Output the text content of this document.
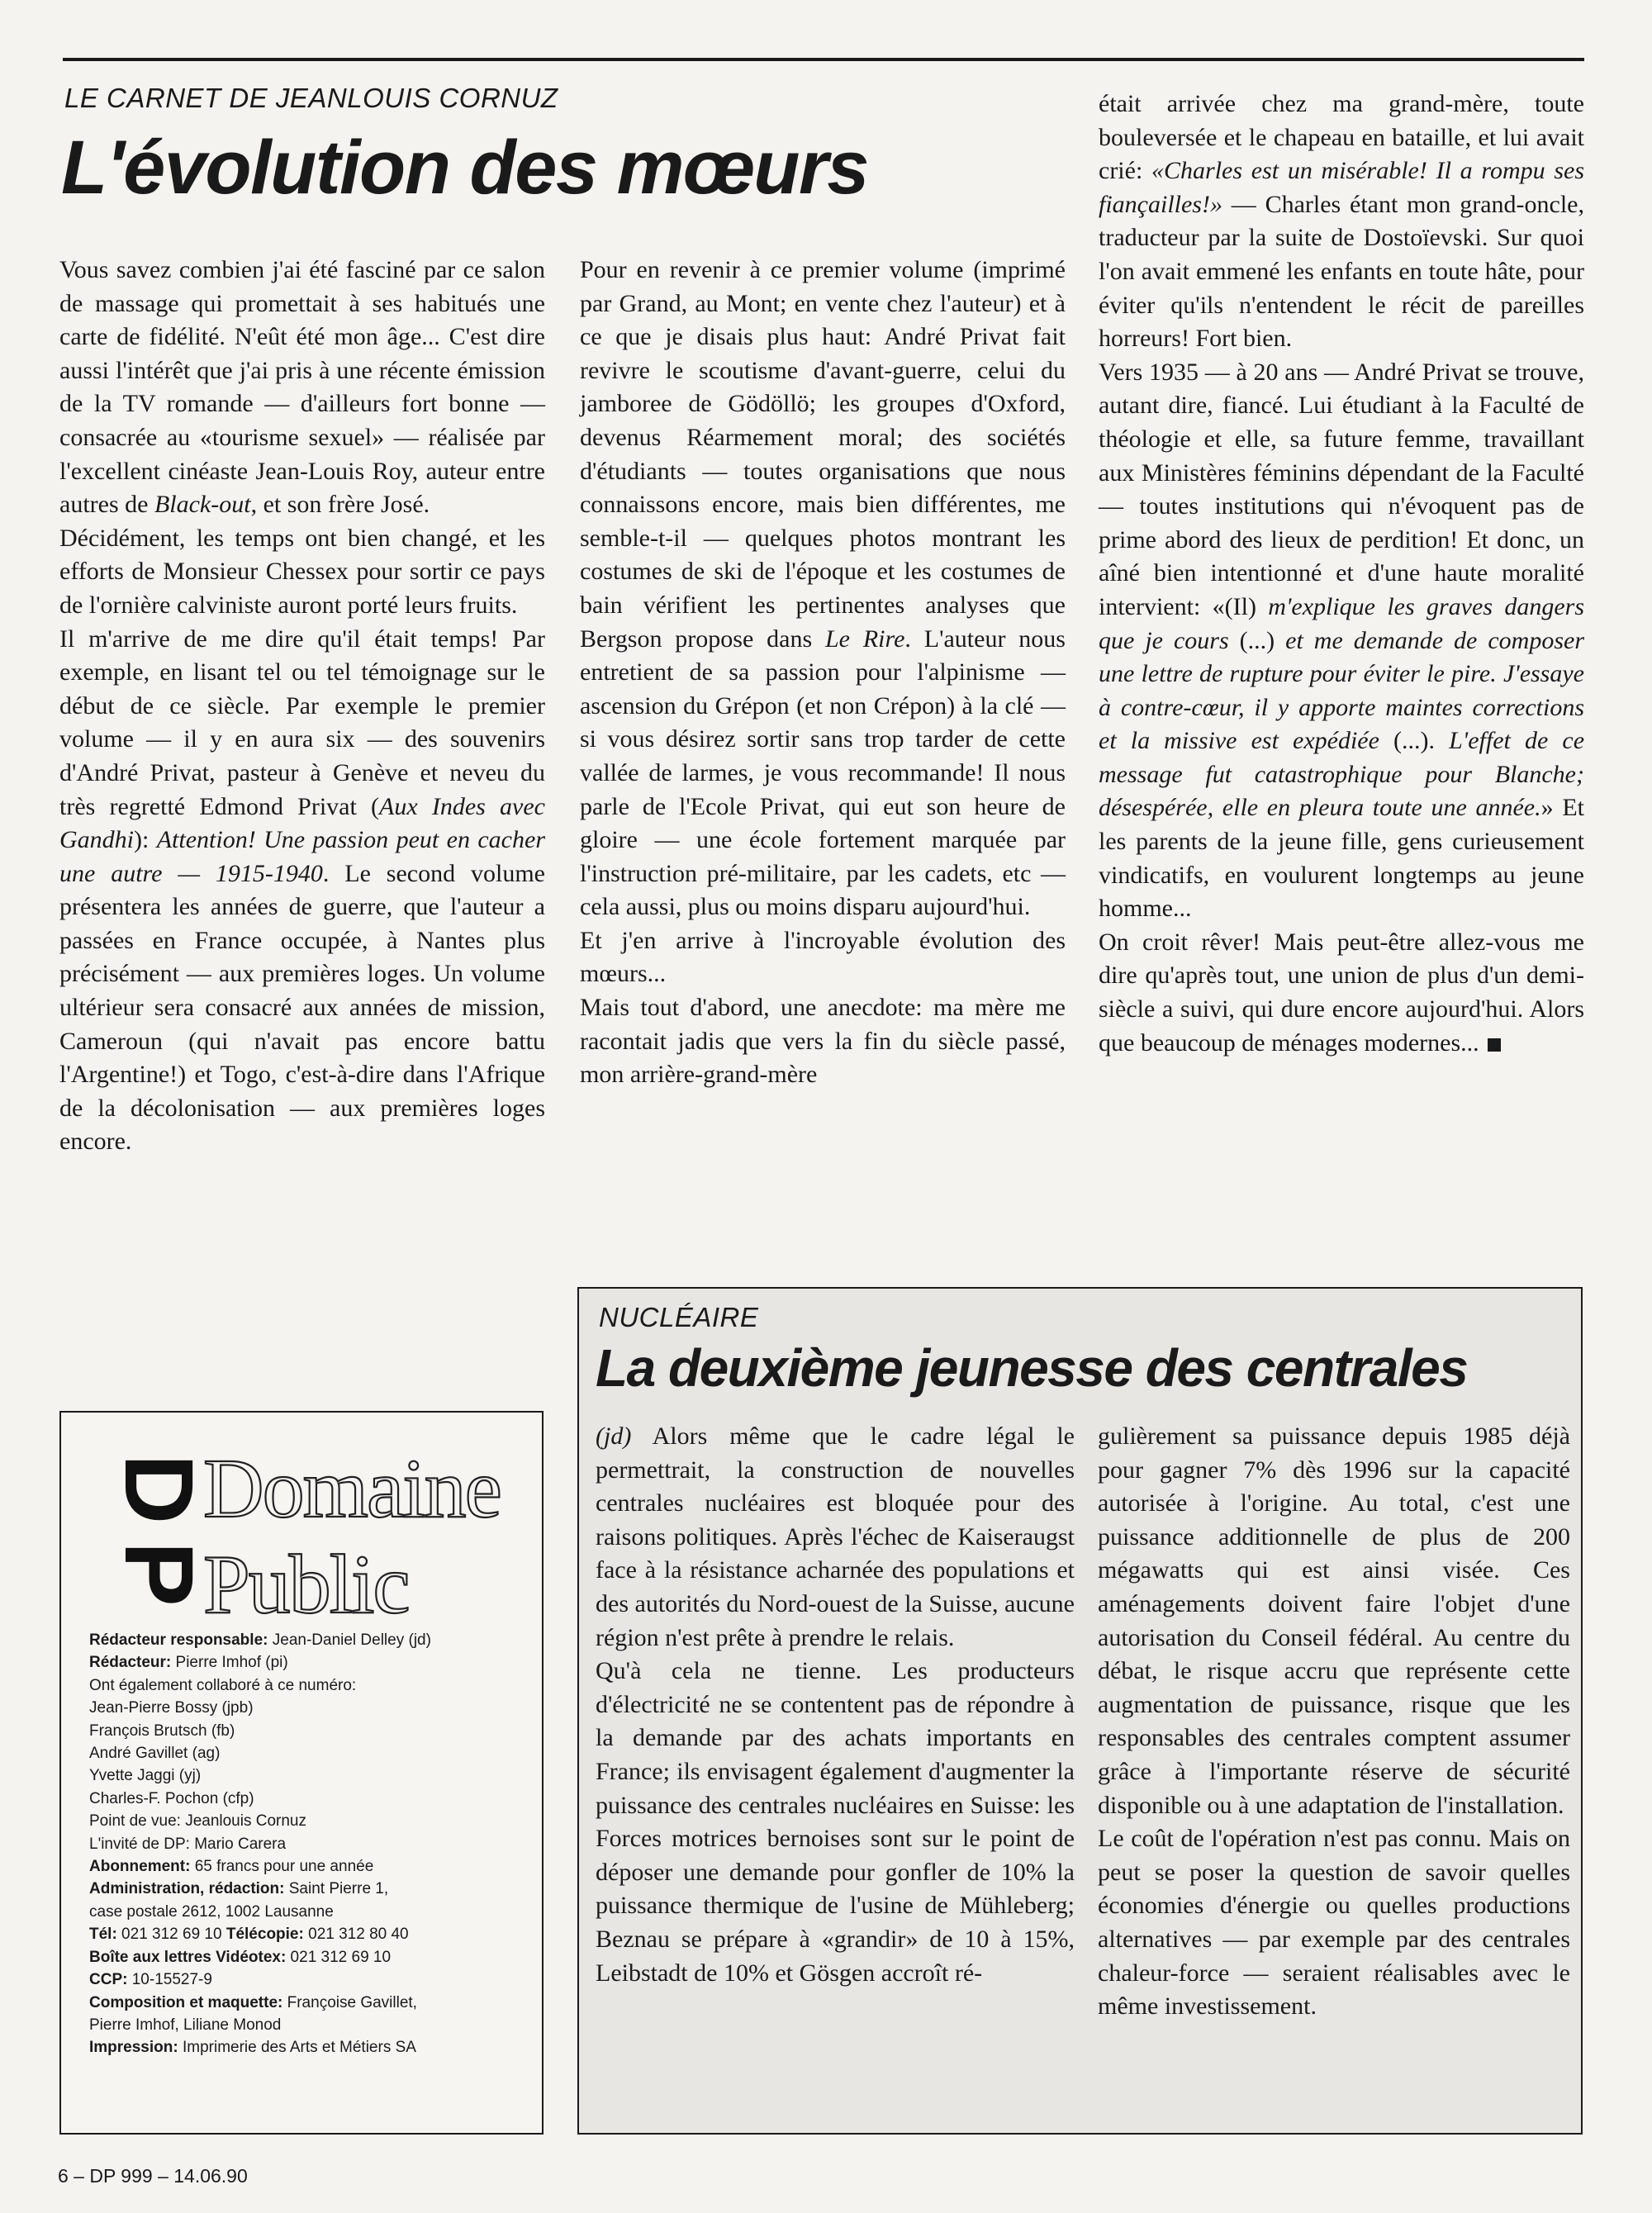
LE CARNET DE JEANLOUIS CORNUZ
L'évolution des mœurs

Vous savez combien j'ai été fasciné par ce salon de massage qui promettait à ses habitués une carte de fidélité. N'eût été mon âge... C'est dire aussi l'intérêt que j'ai pris à une récente émission de la TV romande — d'ailleurs fort bonne — consacrée au «tourisme sexuel» — réalisée par l'excellent cinéaste Jean-Louis Roy, auteur entre autres de Black-out, et son frère José.

Décidément, les temps ont bien changé, et les efforts de Monsieur Chessex pour sortir ce pays de l'ornière calviniste auront porté leurs fruits.

Il m'arrive de me dire qu'il était temps! Par exemple, en lisant tel ou tel témoignage sur le début de ce siècle. Par exemple le premier volume — il y en aura six — des souvenirs d'André Privat, pasteur à Genève et neveu du très regretté Edmond Privat (Aux Indes avec Gandhi): Attention! Une passion peut en cacher une autre — 1915-1940. Le second volume présentera les années de guerre, que l'auteur a passées en France occupée, à Nantes plus précisément — aux premières loges. Un volume ultérieur sera consacré aux années de mission, Cameroun (qui n'avait pas encore battu l'Argentine!) et Togo, c'est-à-dire dans l'Afrique de la décolonisation — aux premières loges encore.

Pour en revenir à ce premier volume (imprimé par Grand, au Mont; en vente chez l'auteur) et à ce que je disais plus haut: André Privat fait revivre le scoutisme d'avant-guerre, celui du jamboree de Gödöllö; les groupes d'Oxford, devenus Réarmement moral; des sociétés d'étudiants — toutes organisations que nous connaissons encore, mais bien différentes, me semble-t-il — quelques photos montrant les costumes de ski de l'époque et les costumes de bain vérifient les pertinentes analyses que Bergson propose dans Le Rire. L'auteur nous entretient de sa passion pour l'alpinisme — ascension du Grépon (et non Crépon) à la clé — si vous désirez sortir sans trop tarder de cette vallée de larmes, je vous recommande! Il nous parle de l'Ecole Privat, qui eut son heure de gloire — une école fortement marquée par l'instruction pré-militaire, par les cadets, etc — cela aussi, plus ou moins disparu aujourd'hui.

Et j'en arrive à l'incroyable évolution des mœurs...

Mais tout d'abord, une anecdote: ma mère me racontait jadis que vers la fin du siècle passé, mon arrière-grand-mère

était arrivée chez ma grand-mère, toute bouleversée et le chapeau en bataille, et lui avait crié: «Charles est un misérable! Il a rompu ses fiançailles!» — Charles étant mon grand-oncle, traducteur par la suite de Dostoïevski. Sur quoi l'on avait emmené les enfants en toute hâte, pour éviter qu'ils n'entendent le récit de pareilles horreurs! Fort bien.

Vers 1935 — à 20 ans — André Privat se trouve, autant dire, fiancé. Lui étudiant à la Faculté de théologie et elle, sa future femme, travaillant aux Ministères féminins dépendant de la Faculté — toutes institutions qui n'évoquent pas de prime abord des lieux de perdition! Et donc, un aîné bien intentionné et d'une haute moralité intervient: «(Il) m'explique les graves dangers que je cours (...) et me demande de composer une lettre de rupture pour éviter le pire. J'essaye à contre-cœur, il y apporte maintes corrections et la missive est expédiée (...). L'effet de ce message fut catastrophique pour Blanche; désespérée, elle en pleura toute une année.» Et les parents de la jeune fille, gens curieusement vindicatifs, en voulurent longtemps au jeune homme...

On croit rêver! Mais peut-être allez-vous me dire qu'après tout, une union de plus d'un demi-siècle a suivi, qui dure encore aujourd'hui. Alors que beaucoup de ménages modernes...

D
P
Domaine
Public
Rédacteur responsable: Jean-Daniel Delley (jd)
Rédacteur: Pierre Imhof (pi)
Ont également collaboré à ce numéro:
Jean-Pierre Bossy (jpb)
François Brutsch (fb)
André Gavillet (ag)
Yvette Jaggi (yj)
Charles-F. Pochon (cfp)
Point de vue: Jeanlouis Cornuz
L'invité de DP: Mario Carera
Abonnement: 65 francs pour une année
Administration, rédaction: Saint Pierre 1,
case postale 2612, 1002 Lausanne
Tél: 021 312 69 10 Télécopie: 021 312 80 40
Boîte aux lettres Vidéotex: 021 312 69 10
CCP: 10-15527-9
Composition et maquette: Françoise Gavillet,
Pierre Imhof, Liliane Monod
Impression: Imprimerie des Arts et Métiers SA
NUCLÉAIRE
La deuxième jeunesse des centrales

(jd) Alors même que le cadre légal le permettrait, la construction de nouvelles centrales nucléaires est bloquée pour des raisons politiques. Après l'échec de Kaiseraugst face à la résistance acharnée des populations et des autorités du Nord-ouest de la Suisse, aucune région n'est prête à prendre le relais.

Qu'à cela ne tienne. Les producteurs d'électricité ne se contentent pas de répondre à la demande par des achats importants en France; ils envisagent également d'augmenter la puissance des centrales nucléaires en Suisse: les Forces motrices bernoises sont sur le point de déposer une demande pour gonfler de 10% la puissance thermique de l'usine de Mühleberg; Beznau se prépare à «grandir» de 10 à 15%, Leibstadt de 10% et Gösgen accroît ré-

gulièrement sa puissance depuis 1985 déjà pour gagner 7% dès 1996 sur la capacité autorisée à l'origine. Au total, c'est une puissance additionnelle de plus de 200 mégawatts qui est ainsi visée. Ces aménagements doivent faire l'objet d'une autorisation du Conseil fédéral. Au centre du débat, le risque accru que représente cette augmentation de puissance, risque que les responsables des centrales comptent assumer grâce à l'importante réserve de sécurité disponible ou à une adaptation de l'installation.

Le coût de l'opération n'est pas connu. Mais on peut se poser la question de savoir quelles économies d'énergie ou quelles productions alternatives — par exemple par des centrales chaleur-force — seraient réalisables avec le même investissement.

6 – DP 999 – 14.06.90
